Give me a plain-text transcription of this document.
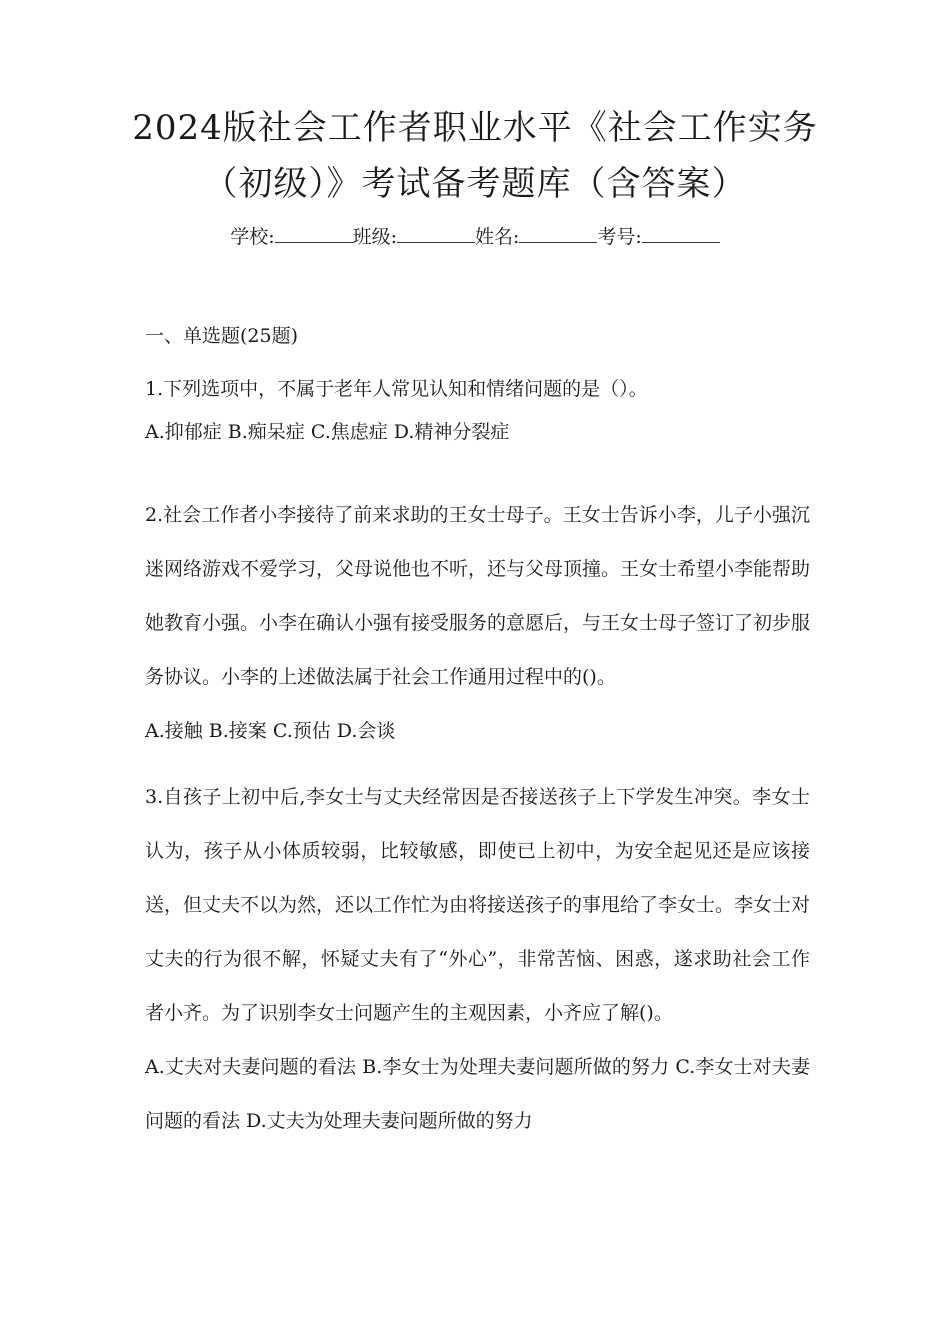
2024版社会工作者职业水平《社会工作实务
（初级）》考试备考题库（含答案）
学校:	班级:	姓名:	考号:
一、单选题(25题)
1.下列选项中，不属于老年人常见认知和情绪问题的是（）。
A.抑郁症 B.痴呆症 C.焦虑症 D.精神分裂症
2.社会工作者小李接待了前来求助的王女士母子。王女士告诉小李，儿子小强沉迷网络游戏不爱学习，父母说他也不听，还与父母顶撞。王女士希望小李能帮助她教育小强。小李在确认小强有接受服务的意愿后，与王女士母子签订了初步服务协议。小李的上述做法属于社会工作通用过程中的()。
A.接触 B.接案 C.预估 D.会谈
3.自孩子上初中后,李女士与丈夫经常因是否接送孩子上下学发生冲突。李女士认为，孩子从小体质较弱，比较敏感，即使已上初中，为安全起见还是应该接送，但丈夫不以为然，还以工作忙为由将接送孩子的事甩给了李女士。李女士对丈夫的行为很不解，怀疑丈夫有了“外心”，非常苦恼、困惑，遂求助社会工作者小齐。为了识别李女士问题产生的主观因素，小齐应了解()。
A.丈夫对夫妻问题的看法 B.李女士为处理夫妻问题所做的努力 C.李女士对夫妻问题的看法 D.丈夫为处理夫妻问题所做的努力
